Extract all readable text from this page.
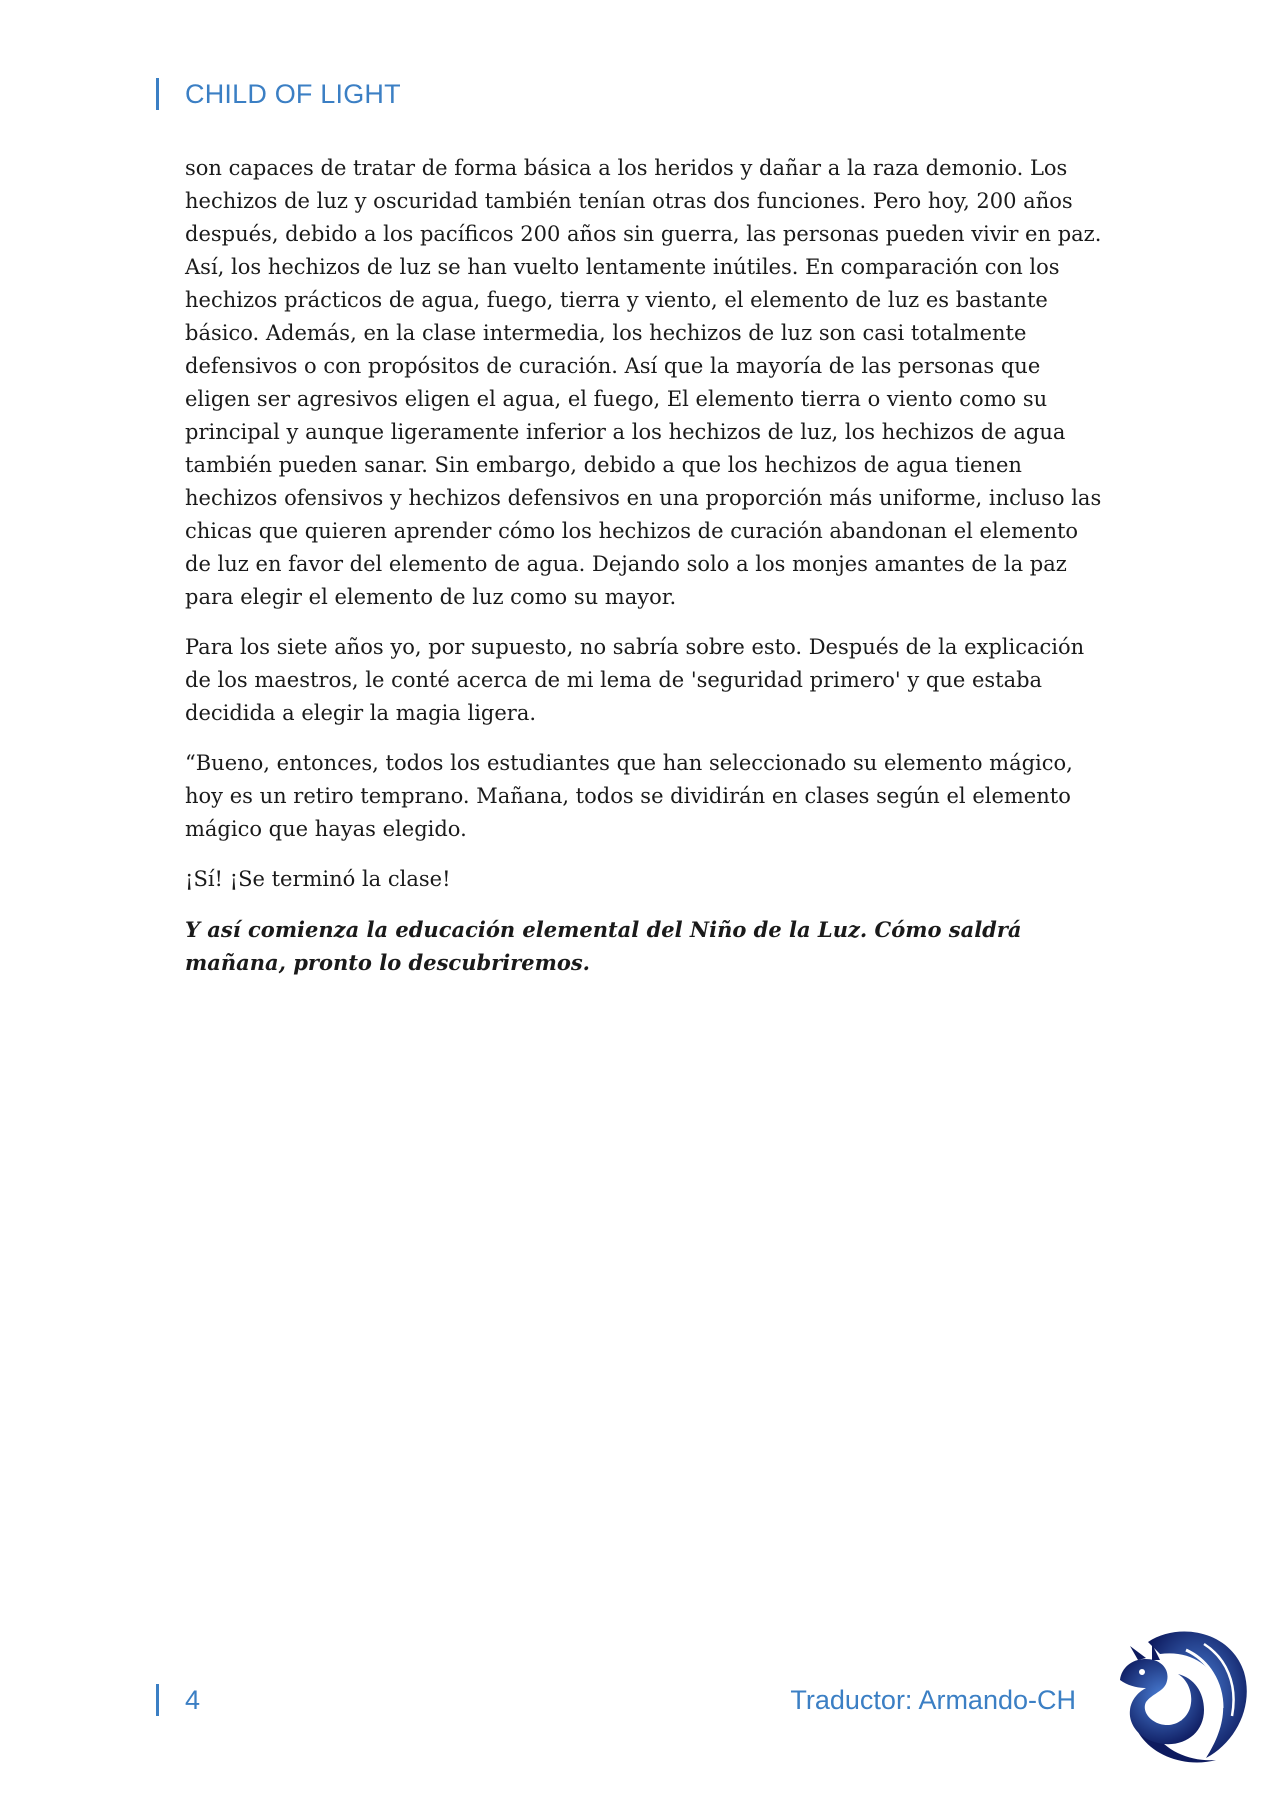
CHILD OF LIGHT

son capaces de tratar de forma básica a los heridos y dañar a la raza demonio. Los hechizos de luz y oscuridad también tenían otras dos funciones. Pero hoy, 200 años después, debido a los pacíficos 200 años sin guerra, las personas pueden vivir en paz. Así, los hechizos de luz se han vuelto lentamente inútiles. En comparación con los hechizos prácticos de agua, fuego, tierra y viento, el elemento de luz es bastante básico. Además, en la clase intermedia, los hechizos de luz son casi totalmente defensivos o con propósitos de curación. Así que la mayoría de las personas que eligen ser agresivos eligen el agua, el fuego, El elemento tierra o viento como su principal y aunque ligeramente inferior a los hechizos de luz, los hechizos de agua también pueden sanar. Sin embargo, debido a que los hechizos de agua tienen hechizos ofensivos y hechizos defensivos en una proporción más uniforme, incluso las chicas que quieren aprender cómo los hechizos de curación abandonan el elemento de luz en favor del elemento de agua. Dejando solo a los monjes amantes de la paz para elegir el elemento de luz como su mayor.

Para los siete años yo, por supuesto, no sabría sobre esto. Después de la explicación de los maestros, le conté acerca de mi lema de 'seguridad primero' y que estaba decidida a elegir la magia ligera.

“Bueno, entonces, todos los estudiantes que han seleccionado su elemento mágico, hoy es un retiro temprano. Mañana, todos se dividirán en clases según el elemento mágico que hayas elegido.

¡Sí! ¡Se terminó la clase!

Y así comienza la educación elemental del Niño de la Luz. Cómo saldrá mañana, pronto lo descubriremos.

4	Traductor: Armando-CH
